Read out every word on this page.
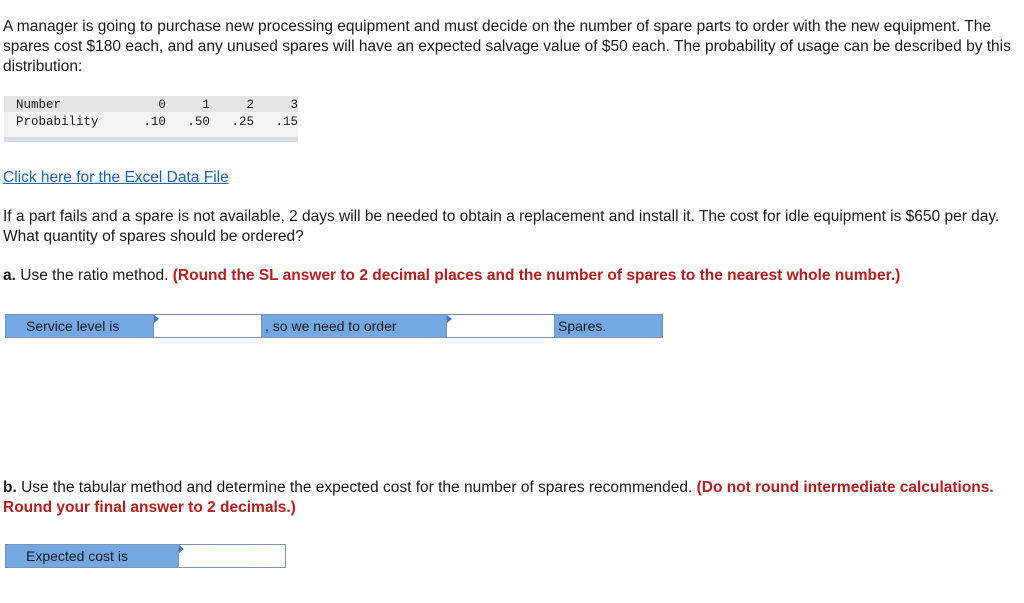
A manager is going to purchase new processing equipment and must decide on the number of spare parts to order with the new equipment. The spares cost $180 each, and any unused spares will have an expected salvage value of $50 each. The probability of usage can be described by this distribution:

Number	0	1	2	3
Probability	.10	.50	.25	.15
Click here for the Excel Data File

If a part fails and a spare is not available, 2 days will be needed to obtain a replacement and install it. The cost for idle equipment is $650 per day. What quantity of spares should be ordered?

a. Use the ratio method. (Round the SL answer to 2 decimal places and the number of spares to the nearest whole number.)

Service level is	, so we need to order	Spares.

b. Use the tabular method and determine the expected cost for the number of spares recommended. (Do not round intermediate calculations. Round your final answer to 2 decimals.)

Expected cost is
